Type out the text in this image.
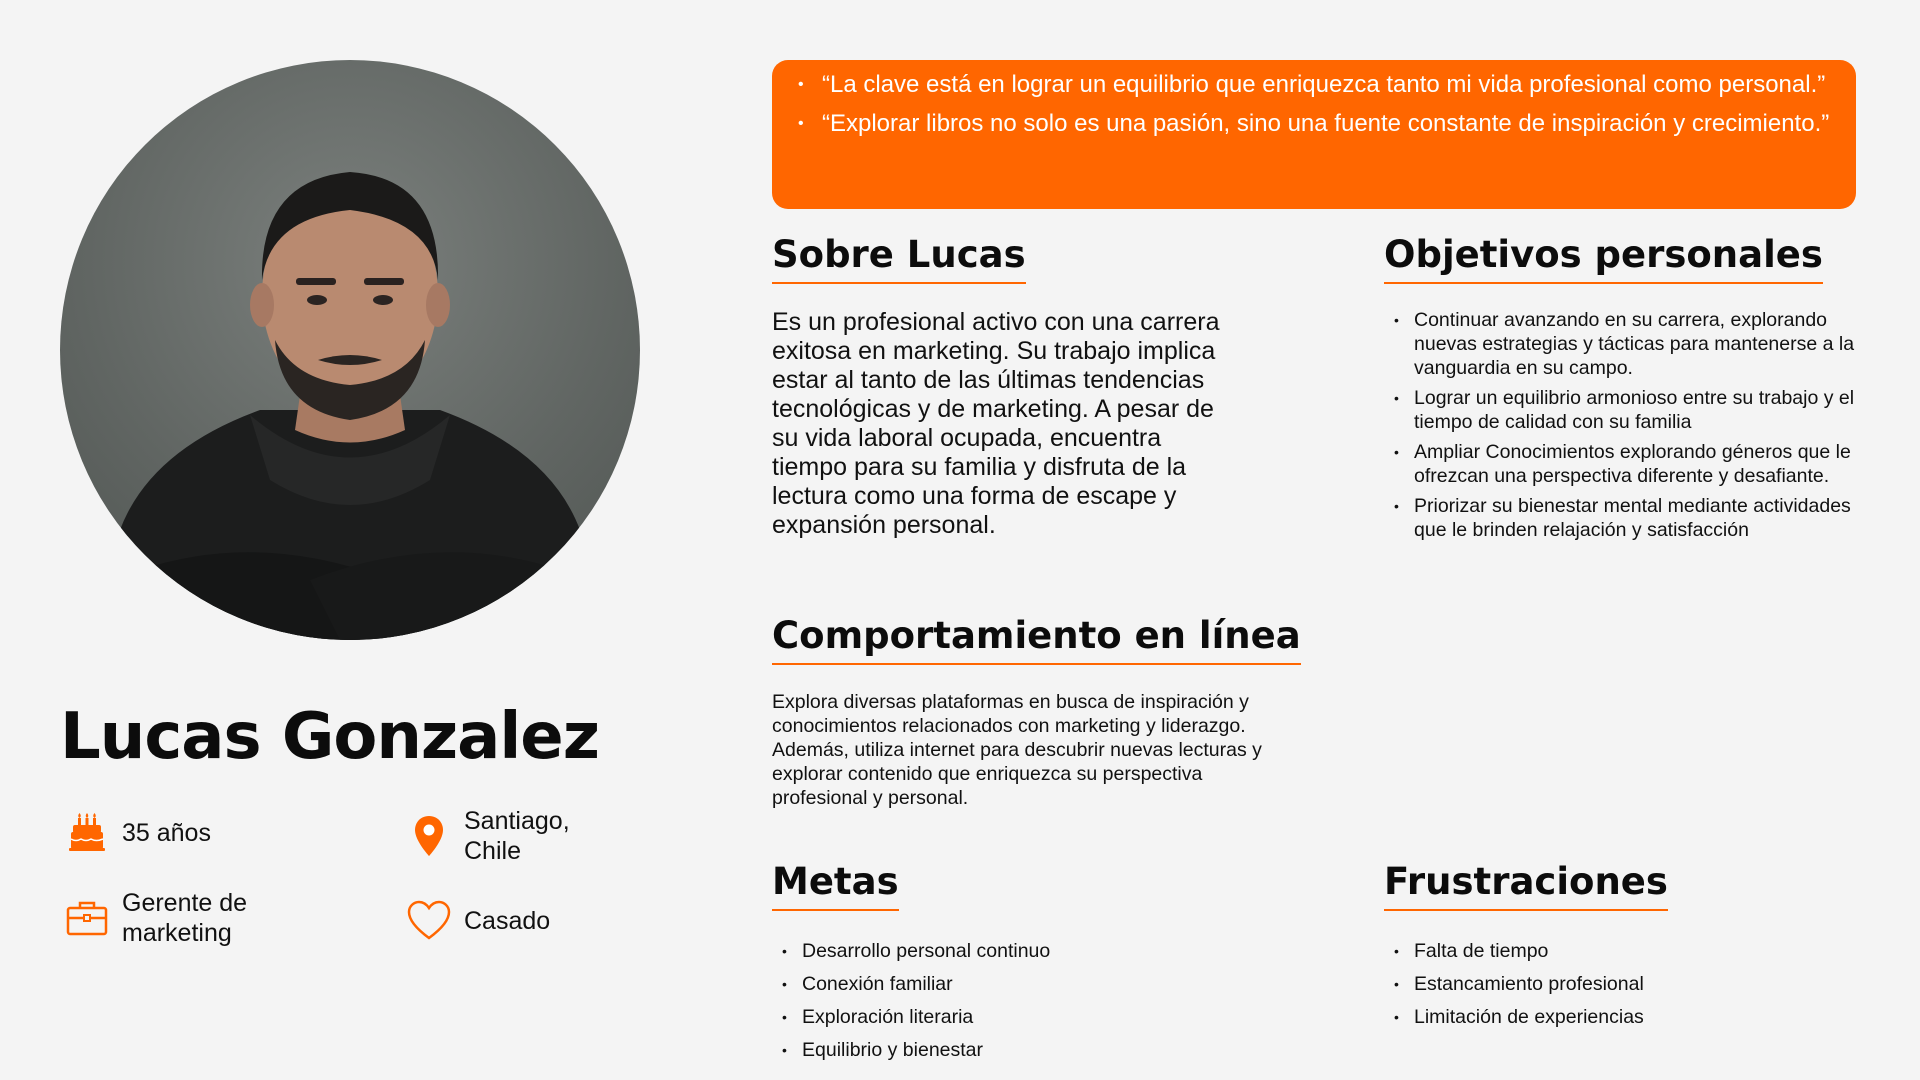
Lucas Gonzalez
35 años	Santiago,
Chile
Gerente de
marketing	Casado
• “La clave está en lograr un equilibrio que enriquezca tanto mi vida profesional como personal.”
• “Explorar libros no solo es una pasión, sino una fuente constante de inspiración y crecimiento.”
Sobre Lucas
Es un profesional activo con una carrera exitosa en marketing. Su trabajo implica estar al tanto de las últimas tendencias tecnológicas y de marketing. A pesar de su vida laboral ocupada, encuentra tiempo para su familia y disfruta de la lectura como una forma de escape y expansión personal.
Objetivos personales
• Continuar avanzando en su carrera, explorando nuevas estrategias y tácticas para mantenerse a la vanguardia en su campo.
• Lograr un equilibrio armonioso entre su trabajo y el tiempo de calidad con su familia
• Ampliar Conocimientos explorando géneros que le ofrezcan una perspectiva diferente y desafiante.
• Priorizar su bienestar mental mediante actividades que le brinden relajación y satisfacción
Comportamiento en línea
Explora diversas plataformas en busca de inspiración y conocimientos relacionados con marketing y liderazgo. Además, utiliza internet para descubrir nuevas lecturas y explorar contenido que enriquezca su perspectiva profesional y personal.
Metas
• Desarrollo personal continuo
• Conexión familiar
• Exploración literaria
• Equilibrio y bienestar
Frustraciones
• Falta de tiempo
• Estancamiento profesional
• Limitación de experiencias
